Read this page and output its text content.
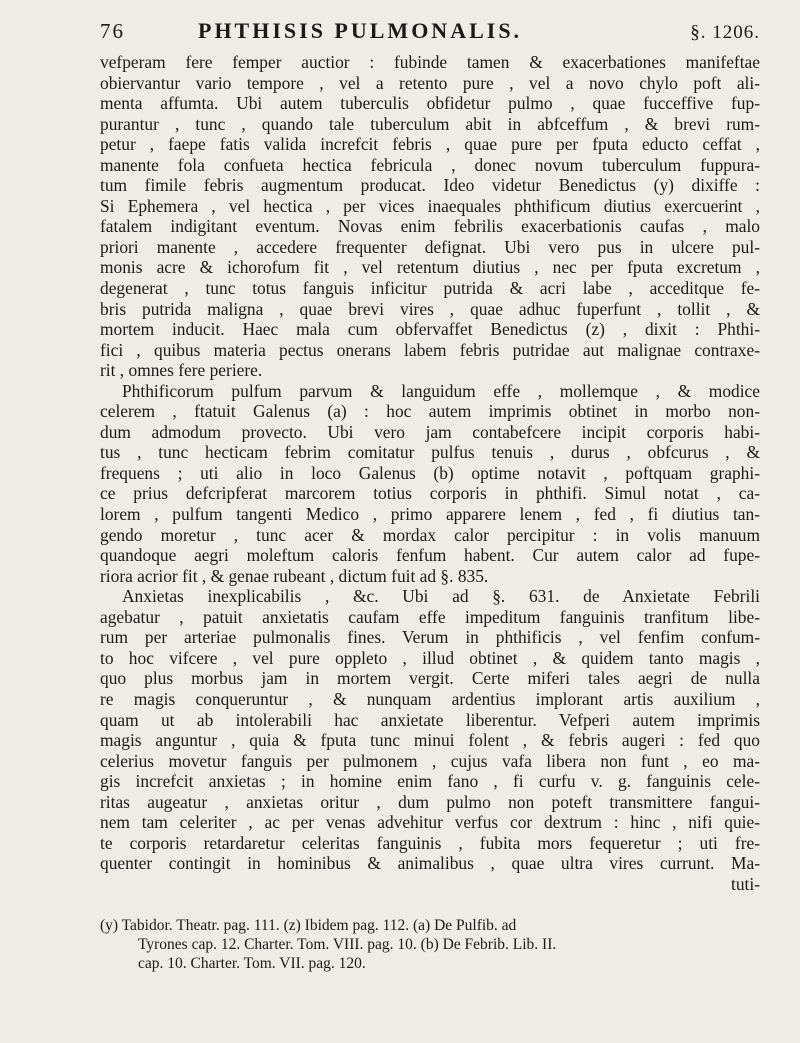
76	PHTHISIS PULMONALIS.	§. 1206.
vefperam fere femper auctior : fubinde tamen & exacerbationes manifeftae
obiervantur vario tempore , vel a retento pure , vel a novo chylo poft ali-
menta affumta. Ubi autem tuberculis obfidetur pulmo , quae fucceffive fup-
purantur , tunc , quando tale tuberculum abit in abfceffum , & brevi rum-
petur , faepe fatis valida increfcit febris , quae pure per fputa educto ceffat ,
manente fola confueta hectica febricula , donec novum tuberculum fuppura-
tum fimile febris augmentum producat. Ideo videtur Benedictus (y) dixiffe :
Si Ephemera , vel hectica , per vices inaequales phthificum diutius exercuerint ,
fatalem indigitant eventum. Novas enim febrilis exacerbationis caufas , malo
priori manente , accedere frequenter defignat. Ubi vero pus in ulcere pul-
monis acre & ichorofum fit , vel retentum diutius , nec per fputa excretum ,
degenerat , tunc totus fanguis inficitur putrida & acri labe , acceditque fe-
bris putrida maligna , quae brevi vires , quae adhuc fuperfunt , tollit , &
mortem inducit. Haec mala cum obfervaffet Benedictus (z) , dixit : Phthi-
fici , quibus materia pectus onerans labem febris putridae aut malignae contraxe-
rit , omnes fere periere.
Phthificorum pulfum parvum & languidum effe , mollemque , & modice
celerem , ftatuit Galenus (a) : hoc autem imprimis obtinet in morbo non-
dum admodum provecto. Ubi vero jam contabefcere incipit corporis habi-
tus , tunc hecticam febrim comitatur pulfus tenuis , durus , obfcurus , &
frequens ; uti alio in loco Galenus (b) optime notavit , poftquam graphi-
ce prius defcripferat marcorem totius corporis in phthifi. Simul notat , ca-
lorem , pulfum tangenti Medico , primo apparere lenem , fed , fi diutius tan-
gendo moretur , tunc acer & mordax calor percipitur : in volis manuum
quandoque aegri moleftum caloris fenfum habent. Cur autem calor ad fupe-
riora acrior fit , & genae rubeant , dictum fuit ad §. 835.
Anxietas inexplicabilis , &c. Ubi ad §. 631. de Anxietate Febrili
agebatur , patuit anxietatis caufam effe impeditum fanguinis tranfitum libe-
rum per arteriae pulmonalis fines. Verum in phthificis , vel fenfim confum-
to hoc vifcere , vel pure oppleto , illud obtinet , & quidem tanto magis ,
quo plus morbus jam in mortem vergit. Certe miferi tales aegri de nulla
re magis conqueruntur , & nunquam ardentius implorant artis auxilium ,
quam ut ab intolerabili hac anxietate liberentur. Vefperi autem imprimis
magis anguntur , quia & fputa tunc minui folent , & febris augeri : fed quo
celerius movetur fanguis per pulmonem , cujus vafa libera non funt , eo ma-
gis increfcit anxietas ; in homine enim fano , fi curfu v. g. fanguinis cele-
ritas augeatur , anxietas oritur , dum pulmo non poteft transmittere fangui-
nem tam celeriter , ac per venas advehitur verfus cor dextrum : hinc , nifi quie-
te corporis retardaretur celeritas fanguinis , fubita mors fequeretur ; uti fre-
quenter contingit in hominibus & animalibus , quae ultra vires currunt. Ma-
tuti-
(y) Tabidor. Theatr. pag. 111. (z) Ibidem pag. 112. (a) De Pulfib. ad
Tyrones cap. 12. Charter. Tom. VIII. pag. 10. (b) De Febrib. Lib. II.
cap. 10. Charter. Tom. VII. pag. 120.
